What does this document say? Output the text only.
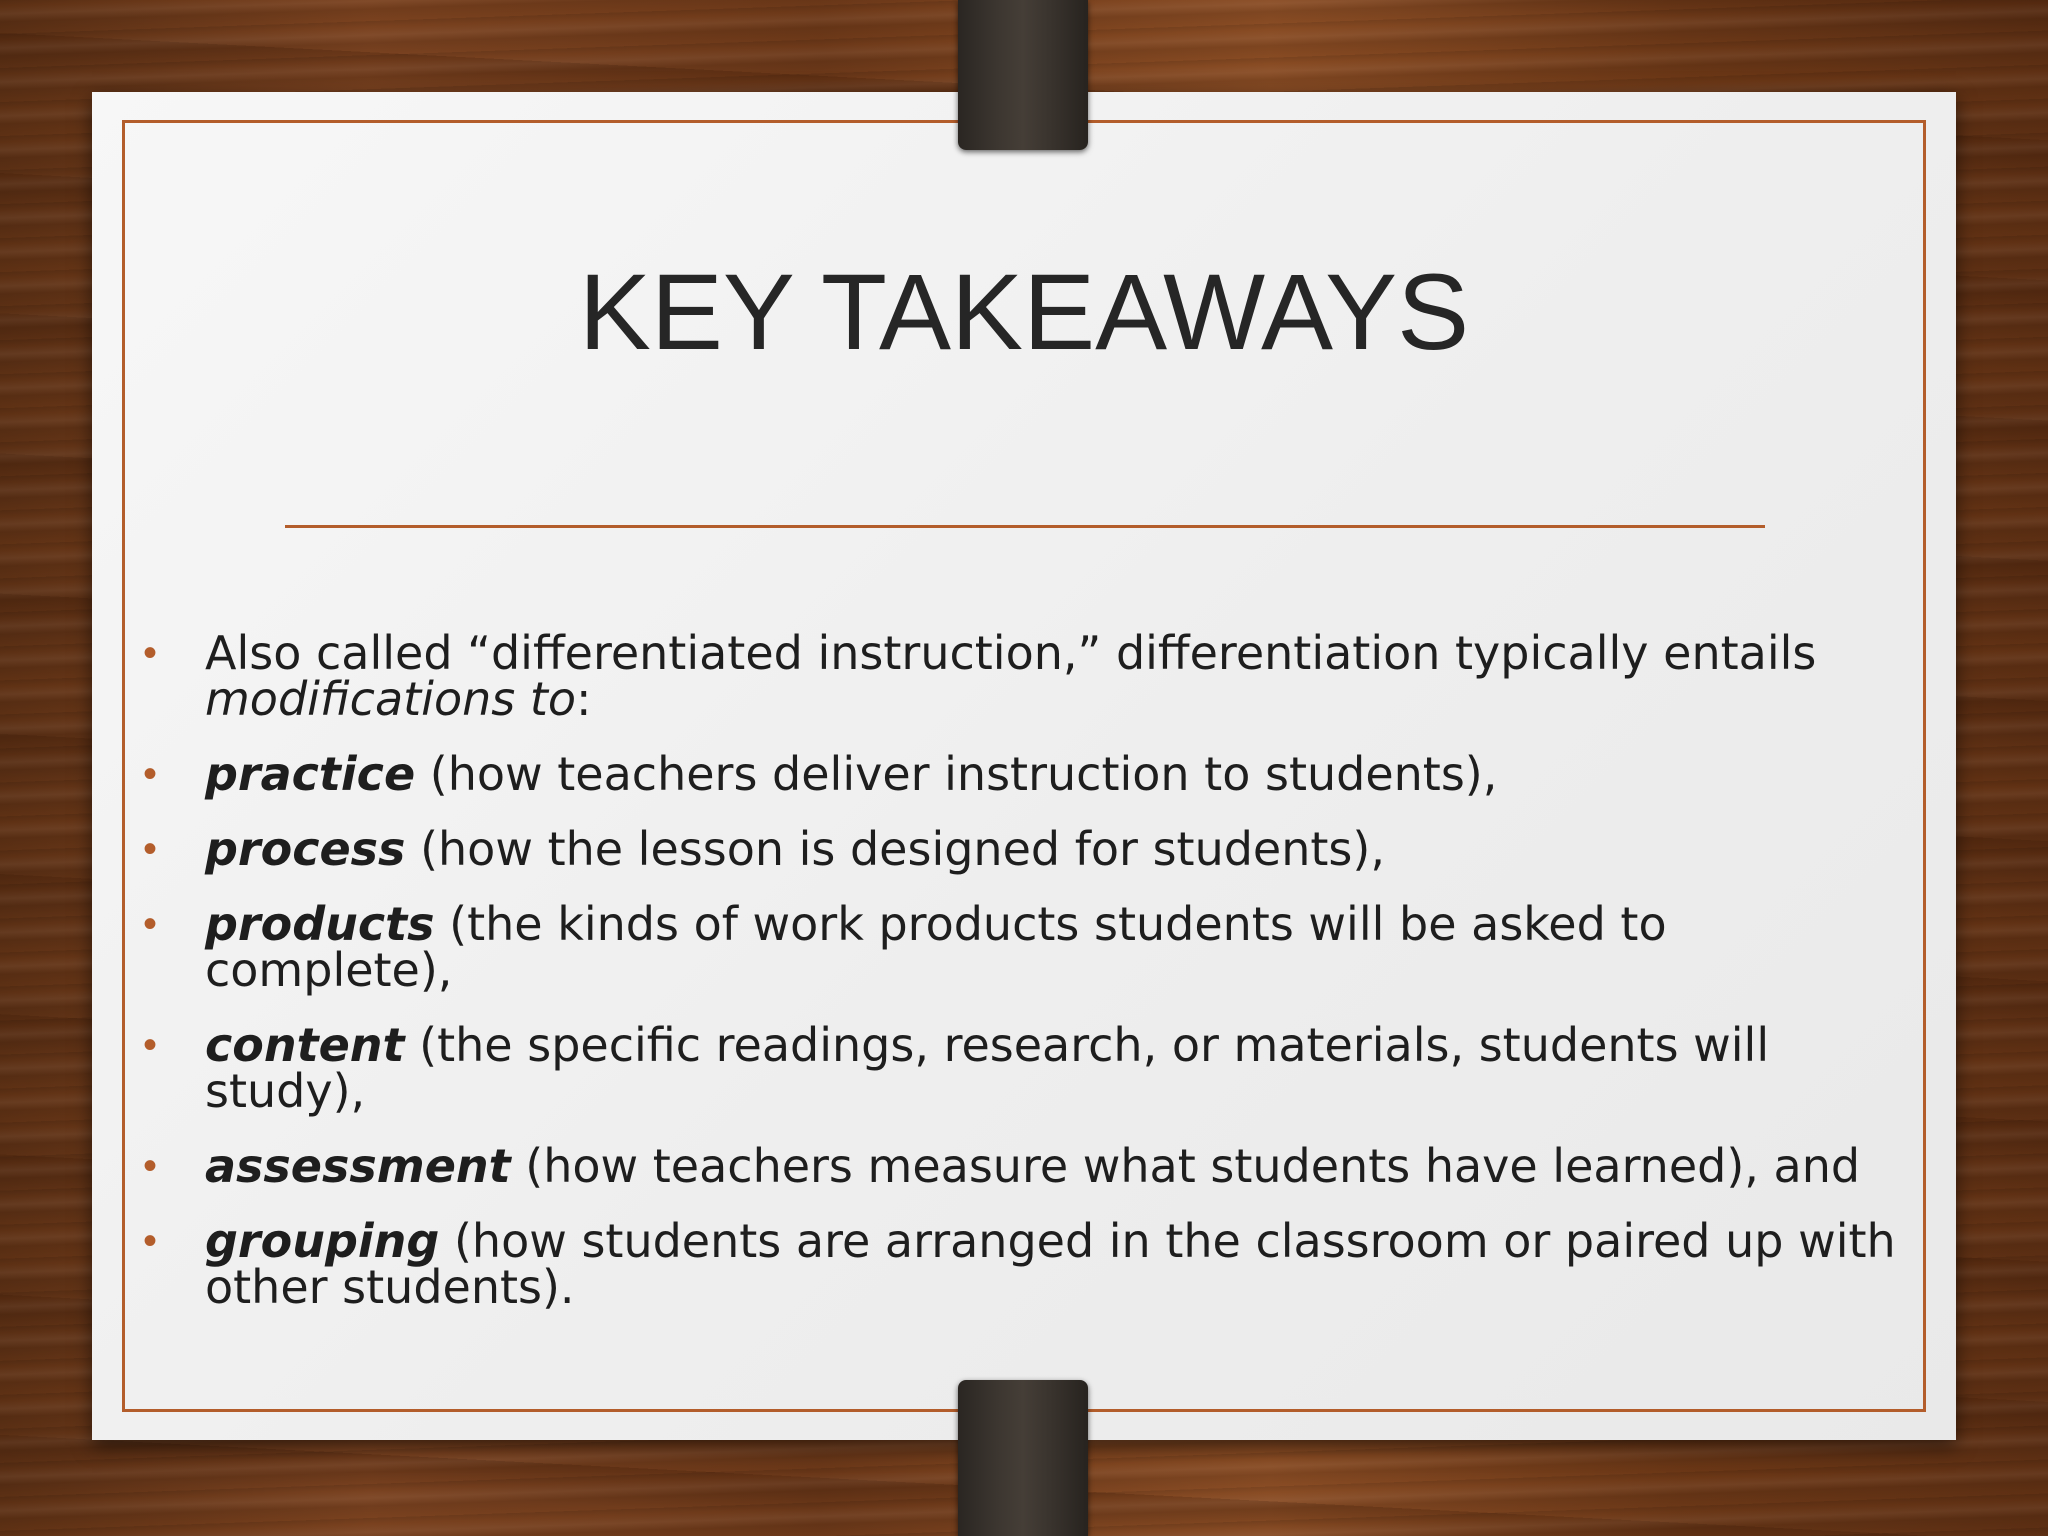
KEY TAKEAWAYS
• Also called “differentiated instruction,” differentiation typically entails modifications to:
• practice (how teachers deliver instruction to students),
• process (how the lesson is designed for students),
• products (the kinds of work products students will be asked to complete),
• content (the specific readings, research, or materials, students will study),
• assessment (how teachers measure what students have learned), and
• grouping (how students are arranged in the classroom or paired up with other students).
